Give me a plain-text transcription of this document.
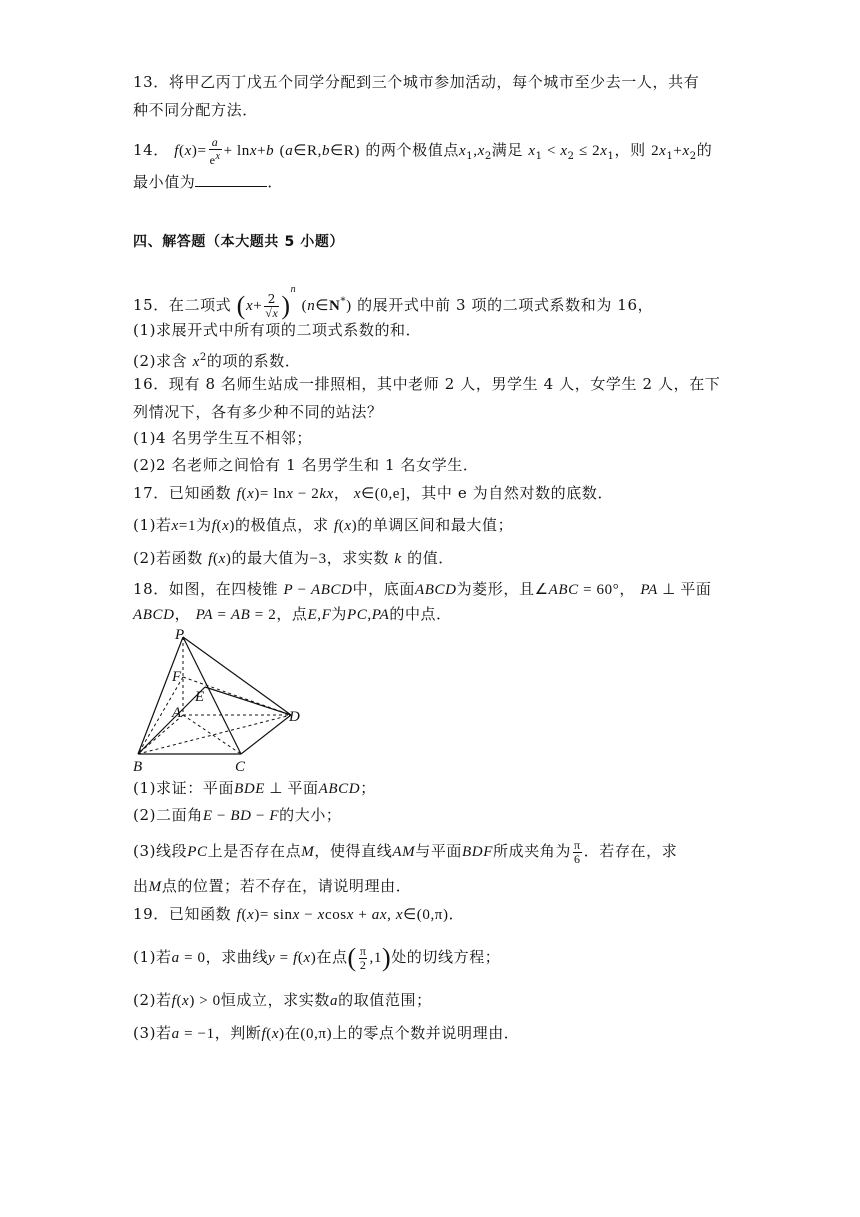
13．将甲乙丙丁戊五个同学分配到三个城市参加活动，每个城市至少去一人，共有
种不同分配方法．
14． $f(x)= \frac{a}{e^x} + \ln x+b$ (a∈R,b∈R) 的两个极值点$x_1,x_2$满足 $x_1 < x_2 \le 2x_1$，则 $2x_1+x_2$的
最小值为	．
四、解答题（本大题共 5 小题）
15．在二项式 $(x+ \frac{2}{√x} )^n$ (n∈N*) 的展开式中前 3 项的二项式系数和为 16，
(1)求展开式中所有项的二项式系数的和．
(2)求含 $x^2$的项的系数．
16．现有 8 名师生站成一排照相，其中老师 2 人，男学生 4 人，女学生 2 人，在下
列情况下，各有多少种不同的站法？
(1)4 名男学生互不相邻；
(2)2 名老师之间恰有 1 名男学生和 1 名女学生．
17．已知函数 f(x)= lnx − 2kx， x∈(0,e]，其中 e 为自然对数的底数．
(1)若x=1为f(x)的极值点，求 f(x)的单调区间和最大值；
(2)若函数 f(x)的最大值为−3，求实数 k 的值．
18．如图，在四棱锥 P − ABCD中，底面ABCD为菱形，且∠ABC = 60°， PA ⊥ 平面
ABCD， PA = AB = 2，点E,F为PC,PA的中点．
P
F
E
A	D
B	C
(1)求证：平面BDE ⊥ 平面ABCD；
(2)二面角E − BD − F的大小；
(3)线段PC上是否存在点M，使得直线AM与平面BDF所成夹角为 $\frac{\pi}{6}$ ．若存在，求
出M点的位置；若不存在，请说明理由．
19．已知函数 f(x)= sinx − xcosx + ax, x∈(0,π)．
(1)若a = 0，求曲线y = f(x)在点( $\frac{\pi}{2} ,1$)处的切线方程；
(2)若f(x) > 0恒成立，求实数a的取值范围；
(3)若a = −1，判断f(x)在(0,π)上的零点个数并说明理由．
